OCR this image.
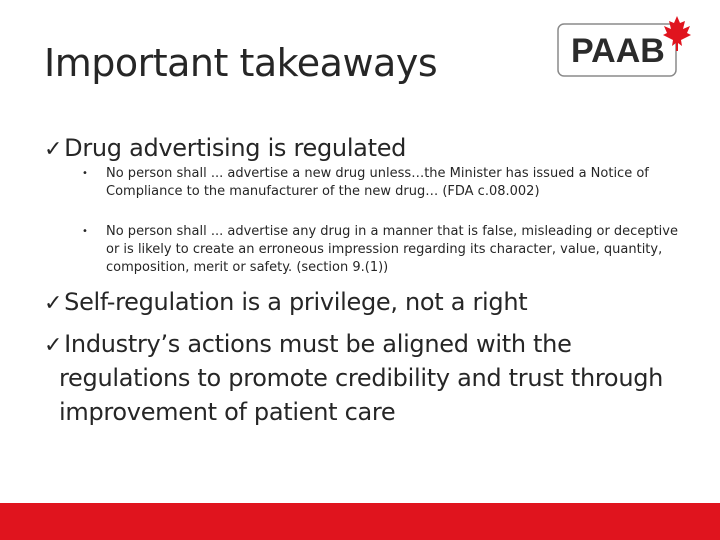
Important takeaways	PAAB
✓Drug advertising is regulated
• No person shall ... advertise a new drug unless…the Minister has issued a Notice of
Compliance to the manufacturer of the new drug… (FDA c.08.002)
• No person shall ... advertise any drug in a manner that is false, misleading or deceptive
or is likely to create an erroneous impression regarding its character, value, quantity,
composition, merit or safety. (section 9.(1))
✓Self-regulation is a privilege, not a right
✓Industry’s actions must be aligned with the
regulations to promote credibility and trust through
improvement of patient care
